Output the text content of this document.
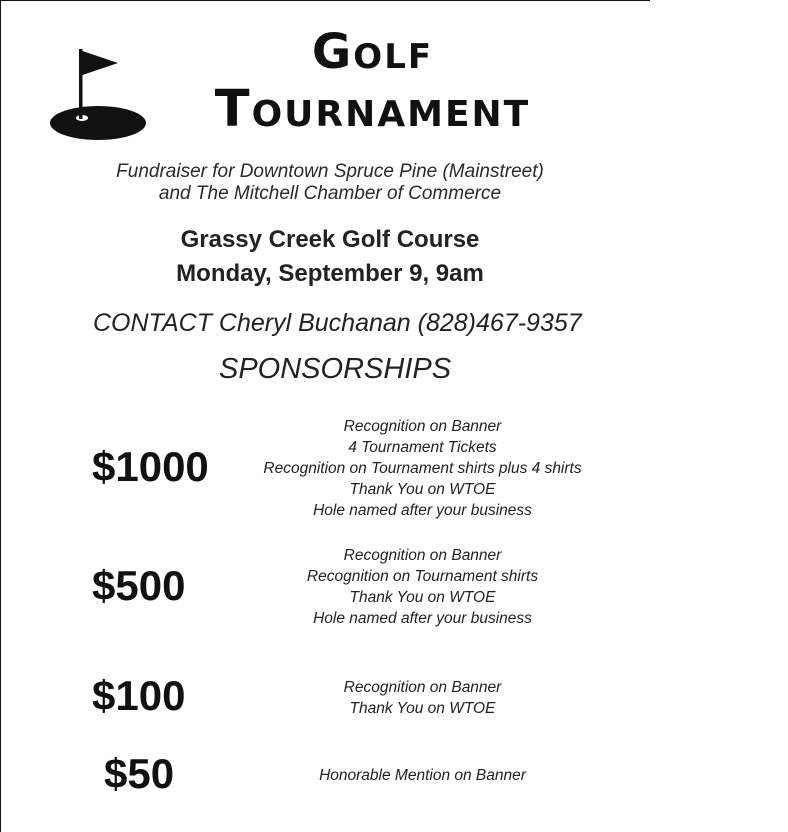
Golf
Tournament

Fundraiser for Downtown Spruce Pine (Mainstreet)

and The Mitchell Chamber of Commerce

Grassy Creek Golf Course

Monday, September 9, 9am

CONTACT Cheryl Buchanan (828)467-9357

SPONSORSHIPS

$1000

Recognition on Banner
4 Tournament Tickets
Recognition on Tournament shirts plus 4 shirts
Thank You on WTOE
Hole named after your business

$500

Recognition on Banner
Recognition on Tournament shirts
Thank You on WTOE
Hole named after your business

$100	Recognition on Banner
Thank You on WTOE

$50	Honorable Mention on Banner
